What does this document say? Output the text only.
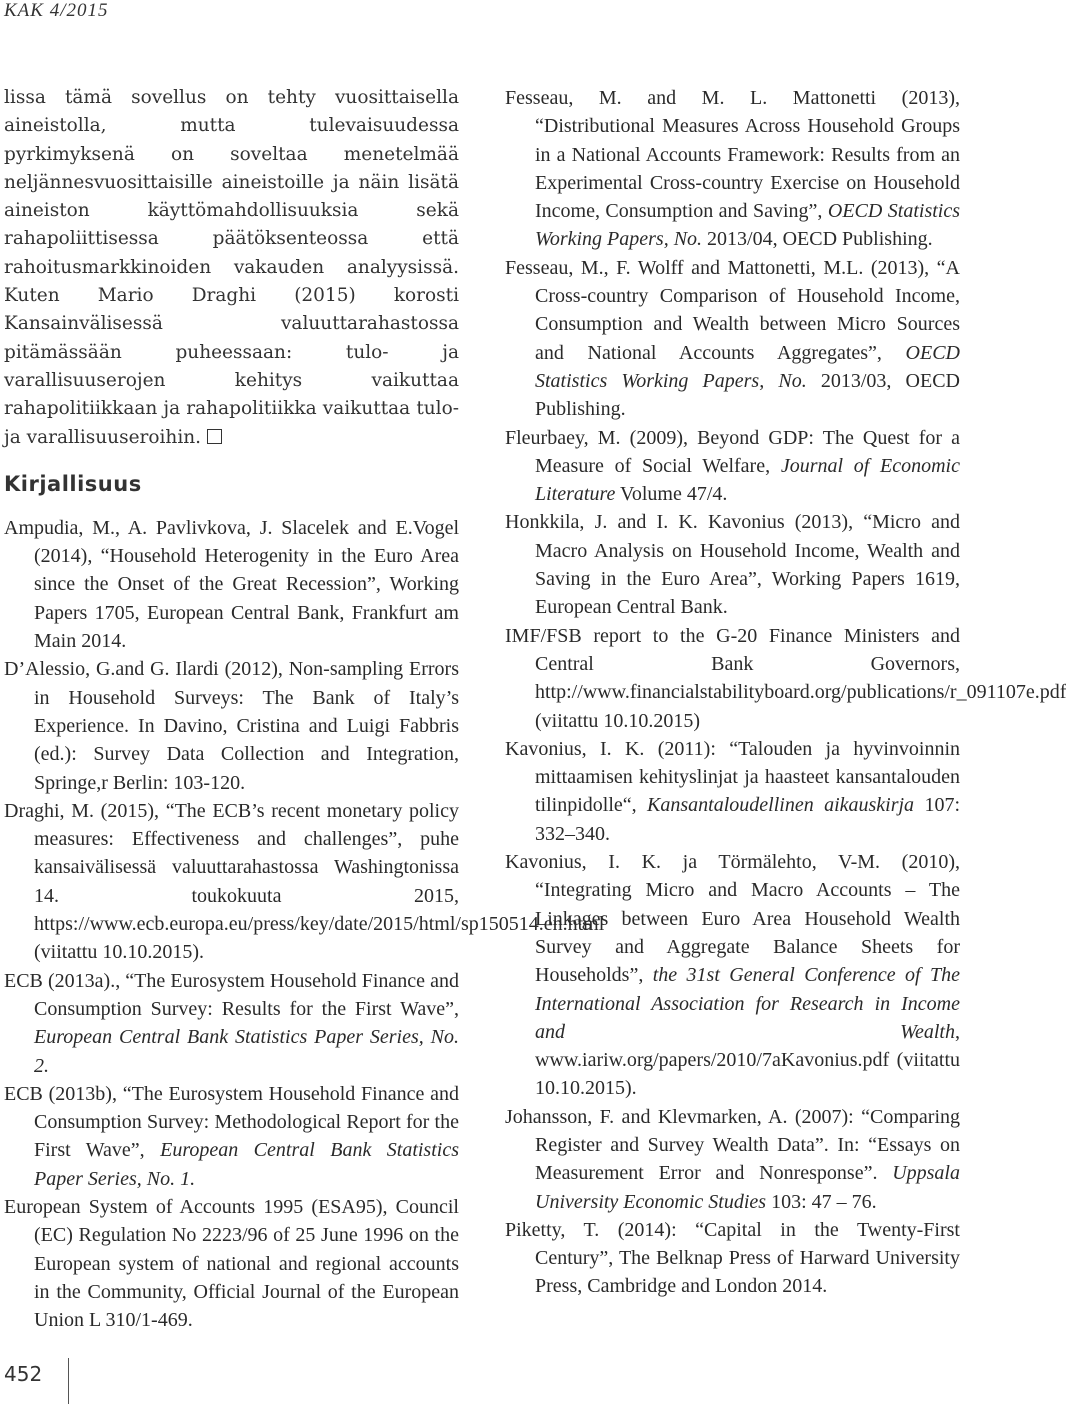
KAK 4/2015

lissa tämä sovellus on tehty vuosittaisella aineistolla, mutta tulevaisuudessa pyrkimyksenä on soveltaa menetelmää neljännesvuosittaisille aineistoille ja näin lisätä aineiston käyttömahdollisuuksia sekä rahapoliittisessa päätöksenteossa että rahoitusmarkkinoiden vakauden analyysissä. Kuten Mario Draghi (2015) korosti Kansainvälisessä valuuttarahastossa pitämässään puheessaan: tulo- ja varallisuuserojen kehitys vaikuttaa rahapolitiikkaan ja rahapolitiikka vaikuttaa tulo- ja varallisuuseroihin.

Kirjallisuus

Ampudia, M., A. Pavlivkova, J. Slacelek and E.Vogel (2014), “Household Heterogenity in the Euro Area since the Onset of the Great Recession”, Working Papers 1705, European Central Bank, Frankfurt am Main 2014.

D’Alessio, G.and G. Ilardi (2012), Non-sampling Errors in Household Surveys: The Bank of Italy’s Experience. In Davino, Cristina and Luigi Fabbris (ed.): Survey Data Collection and Integration, Springe,r Berlin: 103-120.

Draghi, M. (2015), “The ECB’s recent monetary policy measures: Effectiveness and challenges”, puhe kansaivälisessä valuuttarahastossa Washingtonissa 14. toukokuuta 2015, https://www.ecb.europa.eu/press/key/date/2015/html/sp150514.en.html (viitattu 10.10.2015).

ECB (2013a)., “The Eurosystem Household Finance and Consumption Survey: Results for the First Wave”, European Central Bank Statistics Paper Series, No. 2.

ECB (2013b), “The Eurosystem Household Finance and Consumption Survey: Methodological Report for the First Wave”, European Central Bank Statistics Paper Series, No. 1.

European System of Accounts 1995 (ESA95), Council (EC) Regulation No 2223/96 of 25 June 1996 on the European system of national and regional accounts in the Community, Official Journal of the European Union L 310/1-469.

Fesseau, M. and M. L. Mattonetti (2013), “Distributional Measures Across Household Groups in a National Accounts Framework: Results from an Experimental Cross-country Exercise on Household Income, Consumption and Saving”, OECD Statistics Working Papers, No. 2013/04, OECD Publishing.

Fesseau, M., F. Wolff and Mattonetti, M.L. (2013), “A Cross-country Comparison of Household Income, Consumption and Wealth between Micro Sources and National Accounts Aggregates”, OECD Statistics Working Papers, No. 2013/03, OECD Publishing.

Fleurbaey, M. (2009), Beyond GDP: The Quest for a Measure of Social Welfare, Journal of Economic Literature Volume 47/4.

Honkkila, J. and I. K. Kavonius (2013), “Micro and Macro Analysis on Household Income, Wealth and Saving in the Euro Area”, Working Papers 1619, European Central Bank.

IMF/FSB report to the G-20 Finance Ministers and Central Bank Governors, http://www.financialstabilityboard.org/publications/r_091107e.pdf (viitattu 10.10.2015)

Kavonius, I. K. (2011): “Talouden ja hyvinvoinnin mittaamisen kehityslinjat ja haasteet kansantalouden tilinpidolle“, Kansantaloudellinen aikauskirja 107: 332–340.

Kavonius, I. K. ja Törmälehto, V-M. (2010), “Integrating Micro and Macro Accounts – The Linkages between Euro Area Household Wealth Survey and Aggregate Balance Sheets for Households”, the 31st General Conference of The International Association for Research in Income and Wealth, www.iariw.org/papers/2010/7aKavonius.pdf (viitattu 10.10.2015).

Johansson, F. and Klevmarken, A. (2007): “Comparing Register and Survey Wealth Data”. In: “Essays on Measurement Error and Nonresponse”. Uppsala University Economic Studies 103: 47 – 76.

Piketty, T. (2014): “Capital in the Twenty-First Century”, The Belknap Press of Harward University Press, Cambridge and London 2014.

452
